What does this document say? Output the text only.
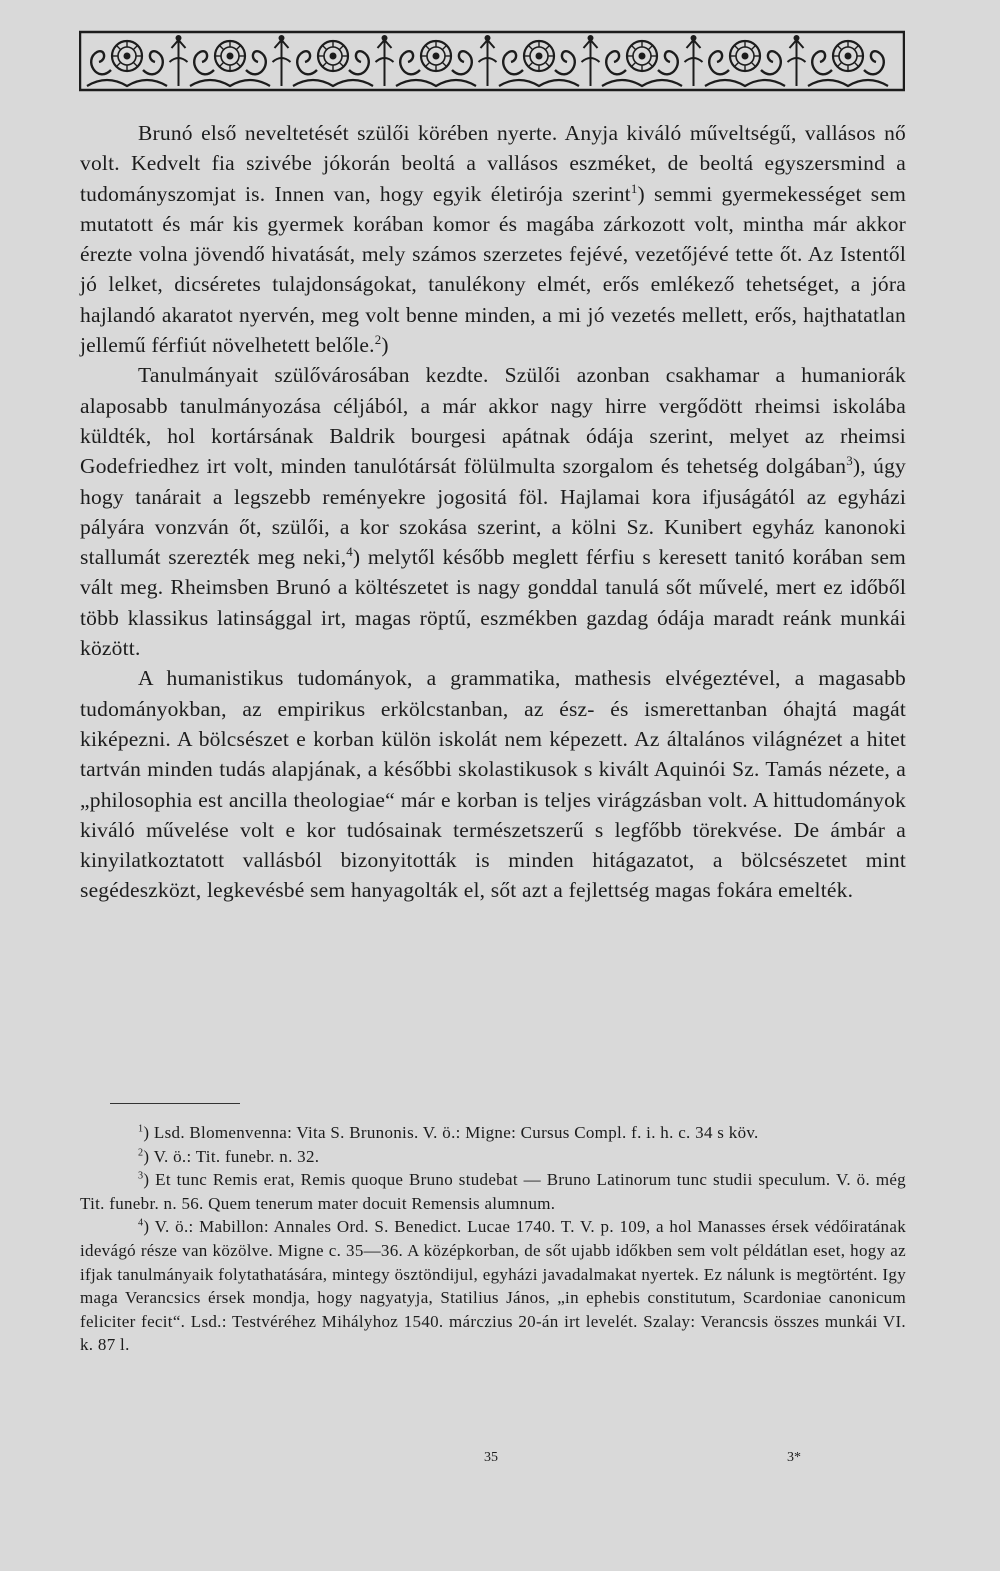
Brunó első neveltetését szülői körében nyerte. Anyja kiváló műveltségű, vallásos nő volt. Kedvelt fia szivébe jókorán beoltá a vallásos eszméket, de beoltá egyszersmind a tudományszomjat is. Innen van, hogy egyik életirója szerint$^1$) semmi gyermekességet sem mutatott és már kis gyermek korában komor és magába zárkozott volt, mintha már akkor érezte volna jövendő hivatását, mely számos szerzetes fejévé, vezetőjévé tette őt. Az Istentől jó lelket, dicséretes tulajdonságokat, tanulékony elmét, erős emlékező tehetséget, a jóra hajlandó akaratot nyervén, meg volt benne minden, a mi jó vezetés mellett, erős, hajthatatlan jellemű férfiút növelhetett belőle.$^2$)

Tanulmányait szülővárosában kezdte. Szülői azonban csakhamar a humaniorák alaposabb tanulmányozása céljából, a már akkor nagy hirre vergődött rheimsi iskolába küldték, hol kortársának Baldrik bourgesi apátnak ódája szerint, melyet az rheimsi Godefriedhez irt volt, minden tanulótársát fölülmulta szorgalom és tehetség dolgában$^3$), úgy hogy tanárait a legszebb reményekre jogositá föl. Hajlamai kora ifjuságától az egyházi pályára vonzván őt, szülői, a kor szokása szerint, a kölni Sz. Kunibert egyház kanonoki stallumát szerezték meg neki,$^4$) melytől később meglett férfiu s keresett tanitó korában sem vált meg. Rheimsben Brunó a költészetet is nagy gonddal tanulá sőt művelé, mert ez időből több klassikus latinsággal irt, magas röptű, eszmékben gazdag ódája maradt reánk munkái között.

A humanistikus tudományok, a grammatika, mathesis elvégeztével, a magasabb tudományokban, az empirikus erkölcstanban, az ész- és ismerettanban óhajtá magát kiképezni. A bölcsészet e korban külön iskolát nem képezett. Az általános világnézet a hitet tartván minden tudás alapjának, a későbbi skolastikusok s kivált Aquinói Sz. Tamás nézete, a „philosophia est ancilla theologiae“ már e korban is teljes virágzásban volt. A hittudományok kiváló művelése volt e kor tudósainak természetszerű s legfőbb törekvése. De ámbár a kinyilatkoztatott vallásból bizonyitották is minden hitágazatot, a bölcsészetet mint segédeszközt, legkevésbé sem hanyagolták el, sőt azt a fejlettség magas fokára emelték.

$^1$) Lsd. Blomenvenna: Vita S. Brunonis. V. ö.: Migne: Cursus Compl. f. i. h. c. 34 s köv.

$^2$) V. ö.: Tit. funebr. n. 32.

$^3$) Et tunc Remis erat, Remis quoque Bruno studebat — Bruno Latinorum tunc studii speculum. V. ö. még Tit. funebr. n. 56. Quem tenerum mater docuit Remensis alumnum.

$^4$) V. ö.: Mabillon: Annales Ord. S. Benedict. Lucae 1740. T. V. p. 109, a hol Manasses érsek védőiratának idevágó része van közölve. Migne c. 35—36. A középkorban, de sőt ujabb időkben sem volt példátlan eset, hogy az ifjak tanulmányaik folytathatására, mintegy ösztöndijul, egyházi javadalmakat nyertek. Ez nálunk is megtörtént. Igy maga Verancsics érsek mondja, hogy nagyatyja, Statilius János, „in ephebis constitutum, Scardoniae canonicum feliciter fecit“. Lsd.: Testvéréhez Mihályhoz 1540. márczius 20-án irt levelét. Szalay: Verancsis összes munkái VI. k. 87 l.

35	3*
